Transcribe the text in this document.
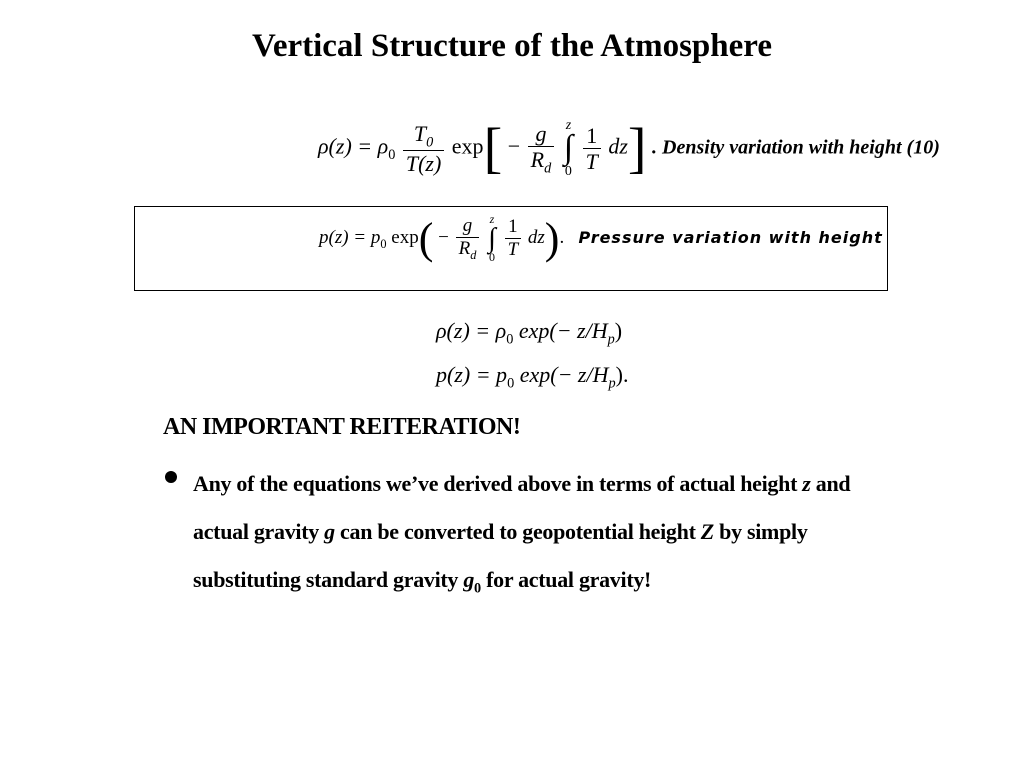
Vertical Structure of the Atmosphere
$\rho(z) = \rho_0 \frac{T_0}{T(z)} \exp[ - \frac{g}{R_d}$ z
∫
$0 \frac{1}{T} dz$] . Density variation with height (10)
$p(z) = p_0$ $\exp( - \frac{g}{R_d}$ z
∫
$0 \frac{1}{T} dz$). Pressure variation with height
$\rho(z) = \rho_0$ $\exp(- z/H_p)$
$p(z) = p_0$ $\exp(- z/H_p)$.
AN IMPORTANT REITERATION!
Any of the equations we’ve derived above in terms of actual height z and actual gravity g can be converted to geopotential height Z by simply substituting standard gravity $g_0$ for actual gravity!
